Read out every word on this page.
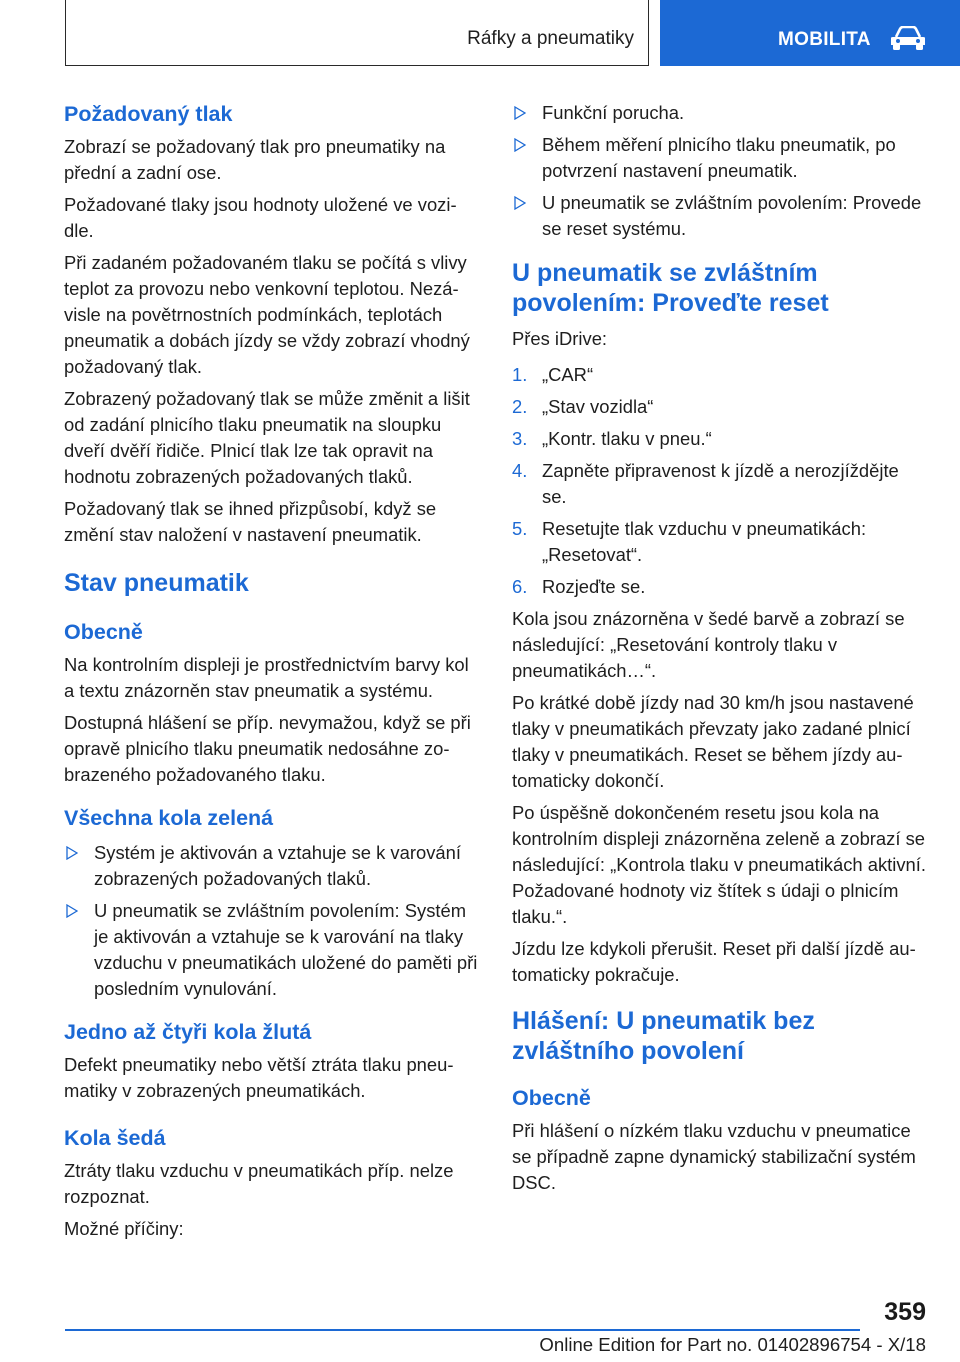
Ráfky a pneumatiky	MOBILITA
Požadovaný tlak

Zobrazí se požadovaný tlak pro pneumatiky na přední a zadní ose.

Požadované tlaky jsou hodnoty uložené ve vozidle.

Při zadaném požadovaném tlaku se počítá s vlivy teplot za provozu nebo venkovní teplotou. Nezávisle na povětrnostních podmínkách, teplotách pneumatik a dobách jízdy se vždy zobrazí vhodný požadovaný tlak.

Zobrazený požadovaný tlak se může změnit a lišit od zadání plnicího tlaku pneumatik na sloupku dveří dvěří řidiče. Plnicí tlak lze tak opravit na hodnotu zobrazených požadovaných tlaků.

Požadovaný tlak se ihned přizpůsobí, když se změní stav naložení v nastavení pneumatik.

Stav pneumatik
Obecně

Na kontrolním displeji je prostřednictvím barvy kol a textu znázorněn stav pneumatik a systému.

Dostupná hlášení se příp. nevymažou, když se při opravě plnicího tlaku pneumatik nedosáhne zobrazeného požadovaného tlaku.

Všechna kola zelená
Systém je aktivován a vztahuje se k varování zobrazených požadovaných tlaků.
U pneumatik se zvláštním povolením: Systém je aktivován a vztahuje se k varování na tlaky vzduchu v pneumatikách uložené do paměti při posledním vynulování.
Jedno až čtyři kola žlutá

Defekt pneumatiky nebo větší ztráta tlaku pneumatiky v zobrazených pneumatikách.

Kola šedá

Ztráty tlaku vzduchu v pneumatikách příp. nelze rozpoznat.

Možné příčiny:

Funkční porucha.
Během měření plnicího tlaku pneumatik, po potvrzení nastavení pneumatik.
U pneumatik se zvláštním povolením: Provede se reset systému.
U pneumatik se zvláštním povolením: Proveďte reset

Přes iDrive:

1. „CAR“
2. „Stav vozidla“
3. „Kontr. tlaku v pneu.“
4. Zapněte připravenost k jízdě a nerozjíždějte se.
5. Resetujte tlak vzduchu v pneumatikách: „Resetovat“.
6. Rozjeďte se.

Kola jsou znázorněna v šedé barvě a zobrazí se následující: „Resetování kontroly tlaku v pneumatikách…“.

Po krátké době jízdy nad 30 km/h jsou nastavené tlaky v pneumatikách převzaty jako zadané plnicí tlaky v pneumatikách. Reset se během jízdy automaticky dokončí.

Po úspěšně dokončeném resetu jsou kola na kontrolním displeji znázorněna zeleně a zobrazí se následující: „Kontrola tlaku v pneumatikách aktivní. Požadované hodnoty viz štítek s údaji o plnicím tlaku.“.

Jízdu lze kdykoli přerušit. Reset při další jízdě automaticky pokračuje.

Hlášení: U pneumatik bez zvláštního povolení
Obecně

Při hlášení o nízkém tlaku vzduchu v pneumatice se případně zapne dynamický stabilizační systém DSC.

359
Online Edition for Part no. 01402896754 - X/18
